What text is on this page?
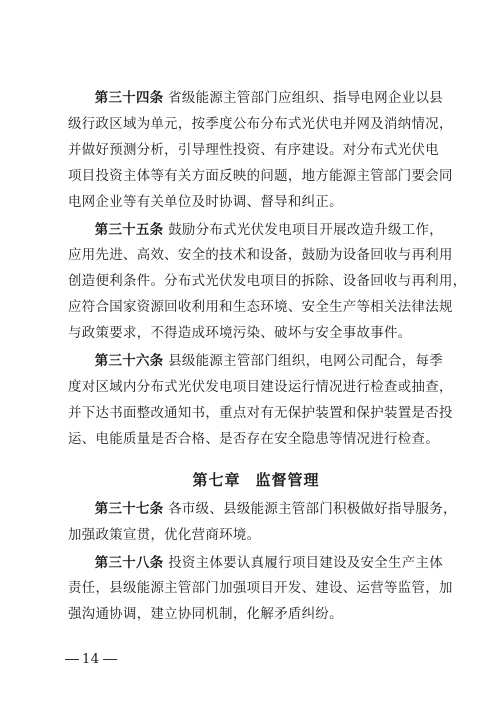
第三十四条 省级能源主管部门应组织、指导电网企业以县
级行政区域为单元，按季度公布分布式光伏电并网及消纳情况，
并做好预测分析，引导理性投资、有序建设。对分布式光伏电
项目投资主体等有关方面反映的问题，地方能源主管部门要会同
电网企业等有关单位及时协调、督导和纠正。

第三十五条 鼓励分布式光伏发电项目开展改造升级工作，
应用先进、高效、安全的技术和设备，鼓励为设备回收与再利用
创造便利条件。分布式光伏发电项目的拆除、设备回收与再利用，
应符合国家资源回收利用和生态环境、安全生产等相关法律法规
与政策要求，不得造成环境污染、破坏与安全事故事件。

第三十六条 县级能源主管部门组织，电网公司配合，每季
度对区域内分布式光伏发电项目建设运行情况进行检查或抽查，
并下达书面整改通知书，重点对有无保护装置和保护装置是否投
运、电能质量是否合格、是否存在安全隐患等情况进行检查。

第七章 监督管理

第三十七条 各市级、县级能源主管部门积极做好指导服务，
加强政策宣贯，优化营商环境。

第三十八条 投资主体要认真履行项目建设及安全生产主体
责任，县级能源主管部门加强项目开发、建设、运营等监管，加
强沟通协调，建立协同机制，化解矛盾纠纷。

14
